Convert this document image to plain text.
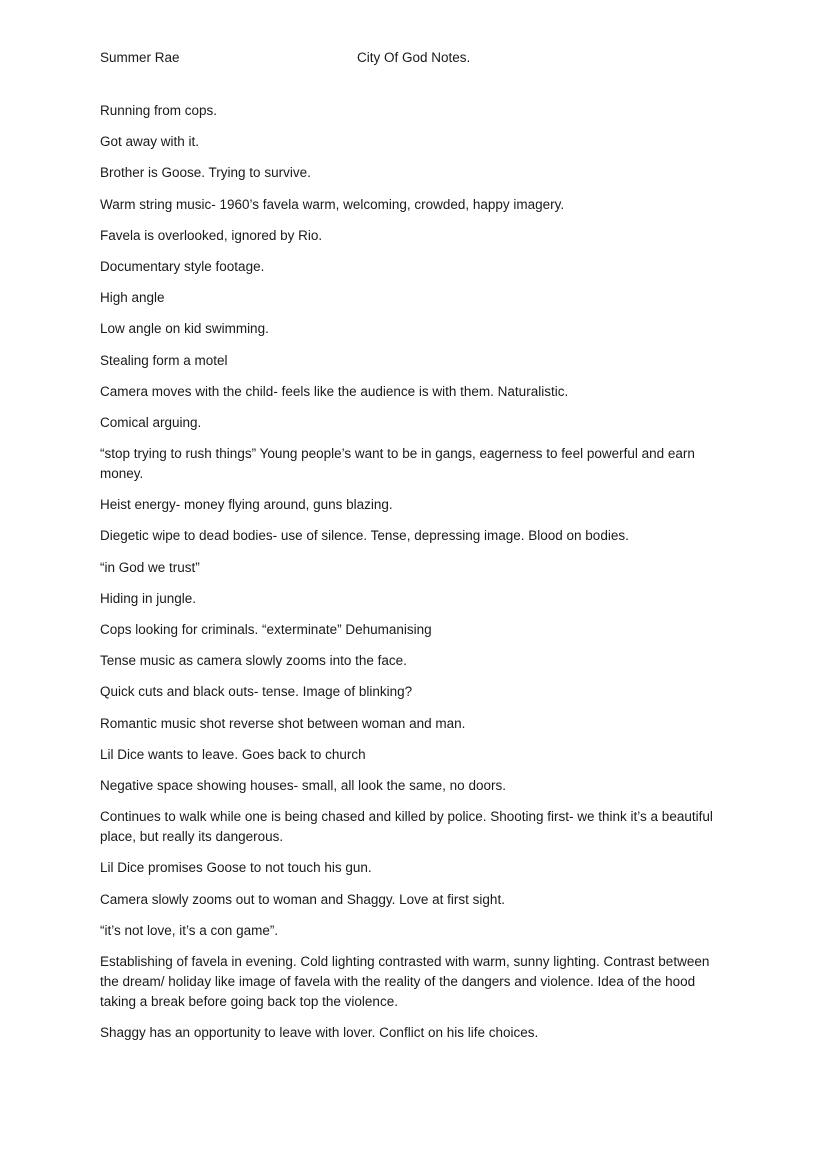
Summer Rae	City Of God Notes.
Running from cops.
Got away with it.
Brother is Goose. Trying to survive.
Warm string music- 1960’s favela warm, welcoming, crowded, happy imagery.
Favela is overlooked, ignored by Rio.
Documentary style footage.
High angle
Low angle on kid swimming.
Stealing form a motel
Camera moves with the child- feels like the audience is with them. Naturalistic.
Comical arguing.
“stop trying to rush things” Young people’s want to be in gangs, eagerness to feel powerful and earn money.
Heist energy- money flying around, guns blazing.
Diegetic wipe to dead bodies- use of silence. Tense, depressing image. Blood on bodies.
“in God we trust”
Hiding in jungle.
Cops looking for criminals. “exterminate” Dehumanising
Tense music as camera slowly zooms into the face.
Quick cuts and black outs- tense. Image of blinking?
Romantic music shot reverse shot between woman and man.
Lil Dice wants to leave. Goes back to church
Negative space showing houses- small, all look the same, no doors.
Continues to walk while one is being chased and killed by police. Shooting first- we think it’s a beautiful place, but really its dangerous.
Lil Dice promises Goose to not touch his gun.
Camera slowly zooms out to woman and Shaggy. Love at first sight.
“it’s not love, it’s a con game”.
Establishing of favela in evening. Cold lighting contrasted with warm, sunny lighting. Contrast between the dream/ holiday like image of favela with the reality of the dangers and violence. Idea of the hood taking a break before going back top the violence.
Shaggy has an opportunity to leave with lover. Conflict on his life choices.
